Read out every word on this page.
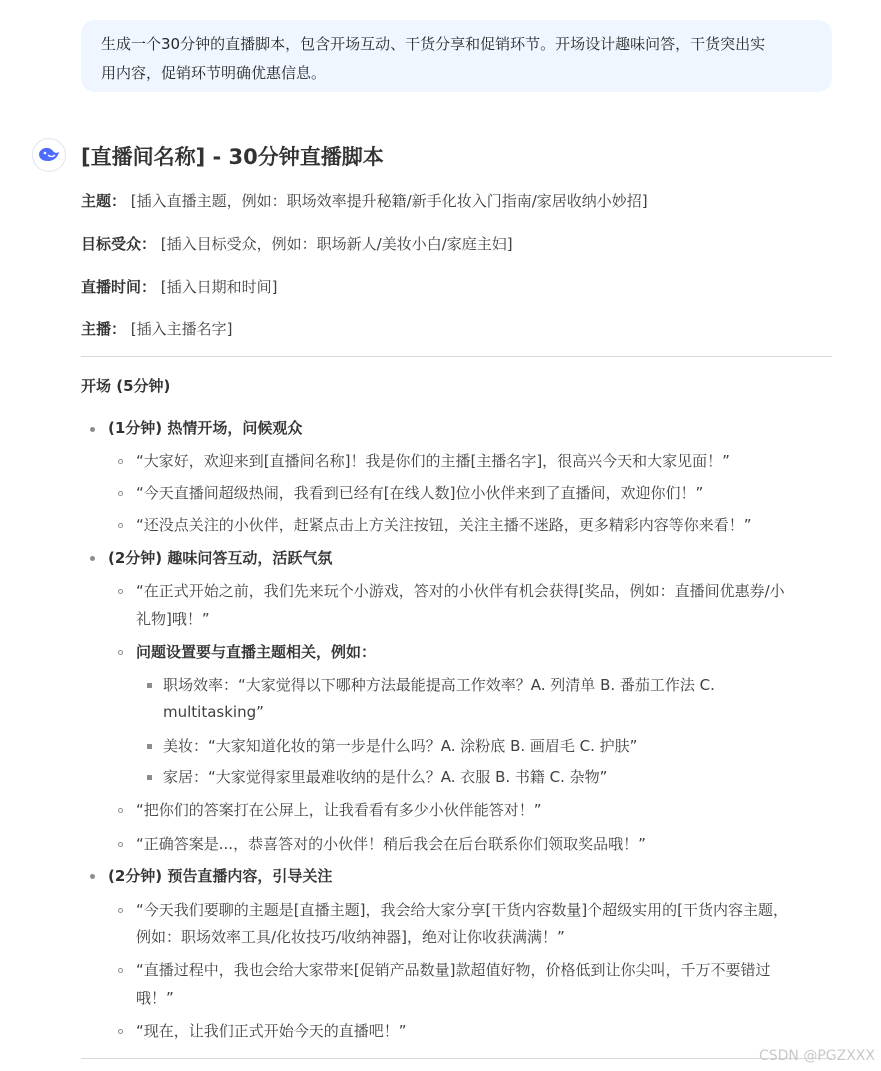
生成一个30分钟的直播脚本，包含开场互动、干货分享和促销环节。开场设计趣味问答，干货突出实
用内容，促销环节明确优惠信息。
[直播间名称] - 30分钟直播脚本
主题： [插入直播主题，例如：职场效率提升秘籍/新手化妆入门指南/家居收纳小妙招]
目标受众： [插入目标受众，例如：职场新人/美妆小白/家庭主妇]
直播时间： [插入日期和时间]
主播： [插入主播名字]
开场 (5分钟)
(1分钟) 热情开场，问候观众
“大家好，欢迎来到[直播间名称]！我是你们的主播[主播名字]，很高兴今天和大家见面！”
“今天直播间超级热闹，我看到已经有[在线人数]位小伙伴来到了直播间，欢迎你们！”
“还没点关注的小伙伴，赶紧点击上方关注按钮，关注主播不迷路，更多精彩内容等你来看！”
(2分钟) 趣味问答互动，活跃气氛
“在正式开始之前，我们先来玩个小游戏，答对的小伙伴有机会获得[奖品，例如：直播间优惠券/小
礼物]哦！”
问题设置要与直播主题相关，例如：
职场效率：“大家觉得以下哪种方法最能提高工作效率？A. 列清单 B. 番茄工作法 C.
multitasking”
美妆：“大家知道化妆的第一步是什么吗？A. 涂粉底 B. 画眉毛 C. 护肤”
家居：“大家觉得家里最难收纳的是什么？A. 衣服 B. 书籍 C. 杂物”
“把你们的答案打在公屏上，让我看看有多少小伙伴能答对！”
“正确答案是...，恭喜答对的小伙伴！稍后我会在后台联系你们领取奖品哦！”
(2分钟) 预告直播内容，引导关注
“今天我们要聊的主题是[直播主题]，我会给大家分享[干货内容数量]个超级实用的[干货内容主题，
例如：职场效率工具/化妆技巧/收纳神器]，绝对让你收获满满！”
“直播过程中，我也会给大家带来[促销产品数量]款超值好物，价格低到让你尖叫，千万不要错过
哦！”
“现在，让我们正式开始今天的直播吧！”
CSDN @PGZXXX
